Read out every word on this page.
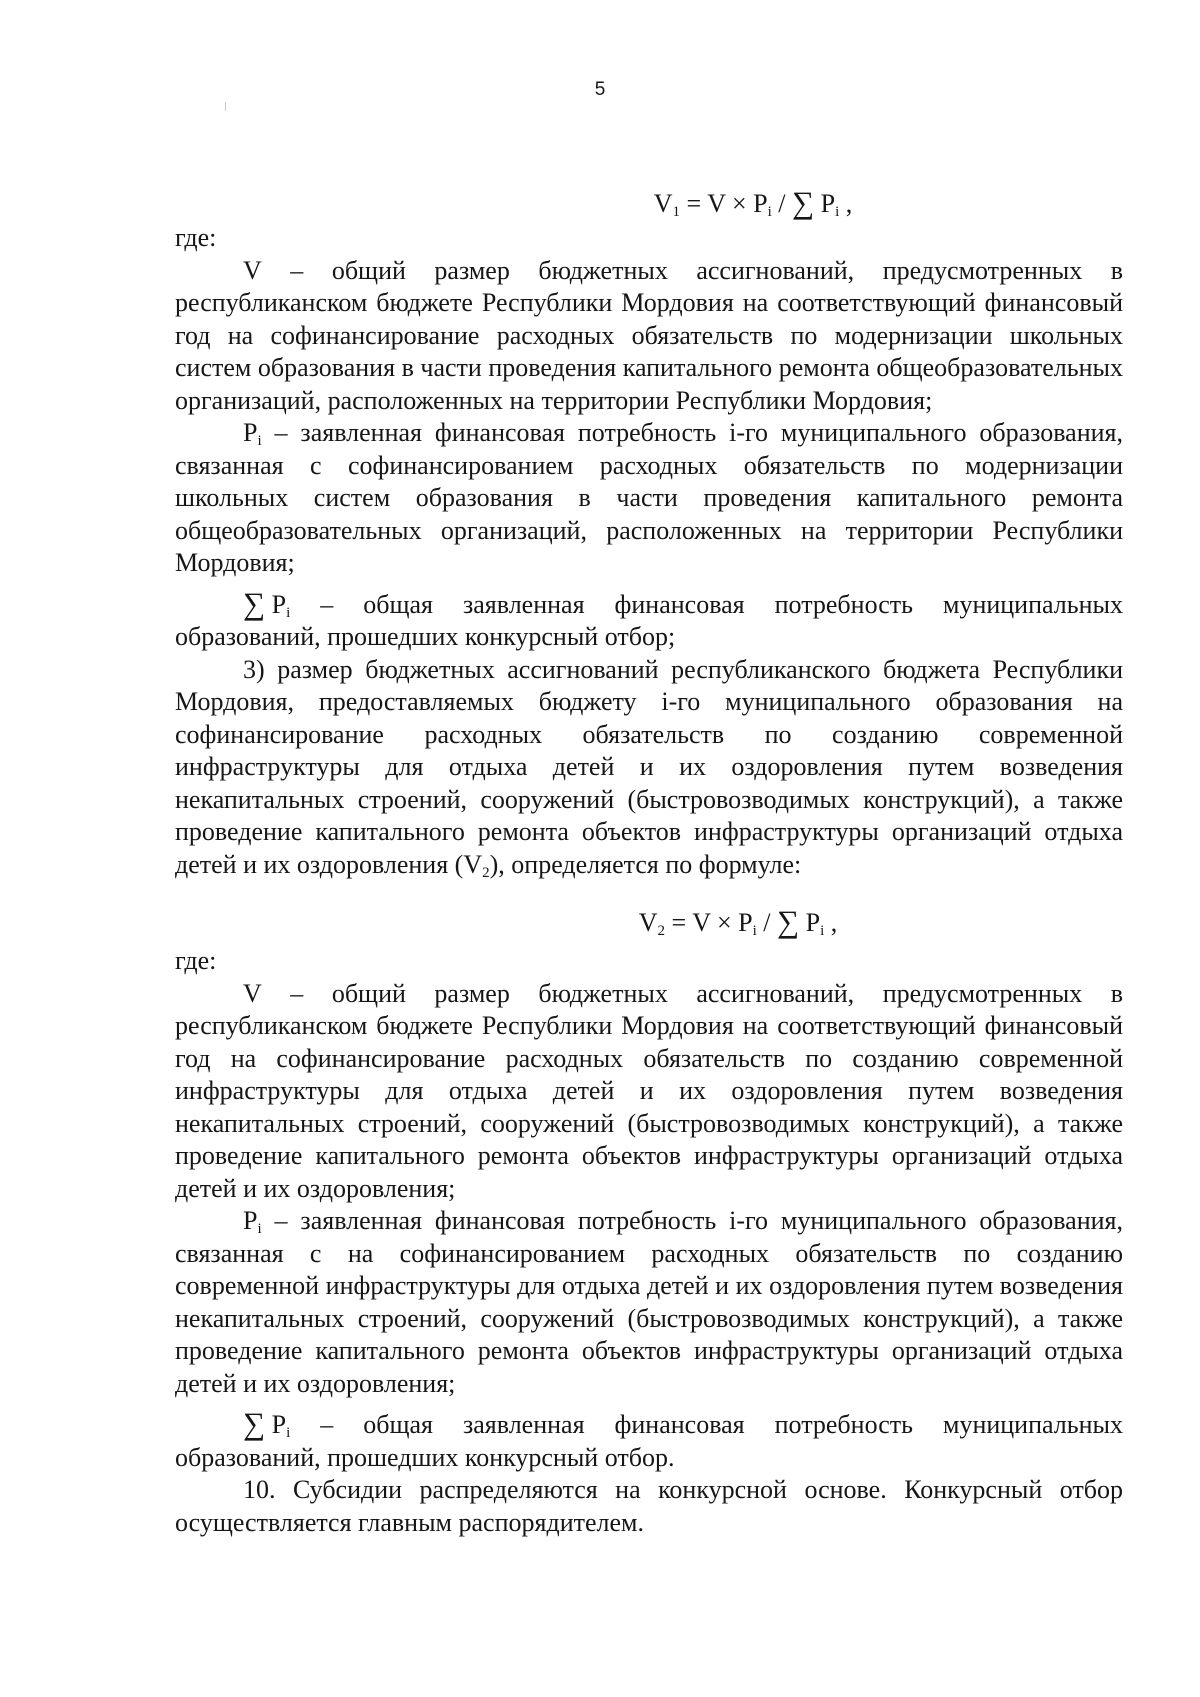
5
$V_1 = V \times P_i$ / ∑ $P_i$ ,

где:

V – общий размер бюджетных ассигнований, предусмотренных в республиканском бюджете Республики Мордовия на соответствующий финансовый год на софинансирование расходных обязательств по модернизации школьных систем образования в части проведения капитального ремонта общеобразовательных организаций, расположенных на территории Республики Мордовия;

$P_i$ – заявленная финансовая потребность i-го муниципального образования, связанная с софинансированием расходных обязательств по модернизации школьных систем образования в части проведения капитального ремонта общеобразовательных организаций, расположенных на территории Республики Мордовия;

∑ $P_i$ – общая заявленная финансовая потребность муниципальных образований, прошедших конкурсный отбор;

3) размер бюджетных ассигнований республиканского бюджета Республики Мордовия, предоставляемых бюджету i-го муниципального образования на софинансирование расходных обязательств по созданию современной инфраструктуры для отдыха детей и их оздоровления путем возведения некапитальных строений, сооружений (быстровозводимых конструкций), а также проведение капитального ремонта объектов инфраструктуры организаций отдыха детей и их оздоровления $(V_2)$, определяется по формуле:

$V_2 = V \times P_i$ / ∑ $P_i$ ,

где:

V – общий размер бюджетных ассигнований, предусмотренных в республиканском бюджете Республики Мордовия на соответствующий финансовый год на софинансирование расходных обязательств по созданию современной инфраструктуры для отдыха детей и их оздоровления путем возведения некапитальных строений, сооружений (быстровозводимых конструкций), а также проведение капитального ремонта объектов инфраструктуры организаций отдыха детей и их оздоровления;

$P_i$ – заявленная финансовая потребность i-го муниципального образования, связанная с на софинансированием расходных обязательств по созданию современной инфраструктуры для отдыха детей и их оздоровления путем возведения некапитальных строений, сооружений (быстровозводимых конструкций), а также проведение капитального ремонта объектов инфраструктуры организаций отдыха детей и их оздоровления;

∑ $P_i$ – общая заявленная финансовая потребность муниципальных образований, прошедших конкурсный отбор.

10. Субсидии распределяются на конкурсной основе. Конкурсный отбор осуществляется главным распорядителем.
